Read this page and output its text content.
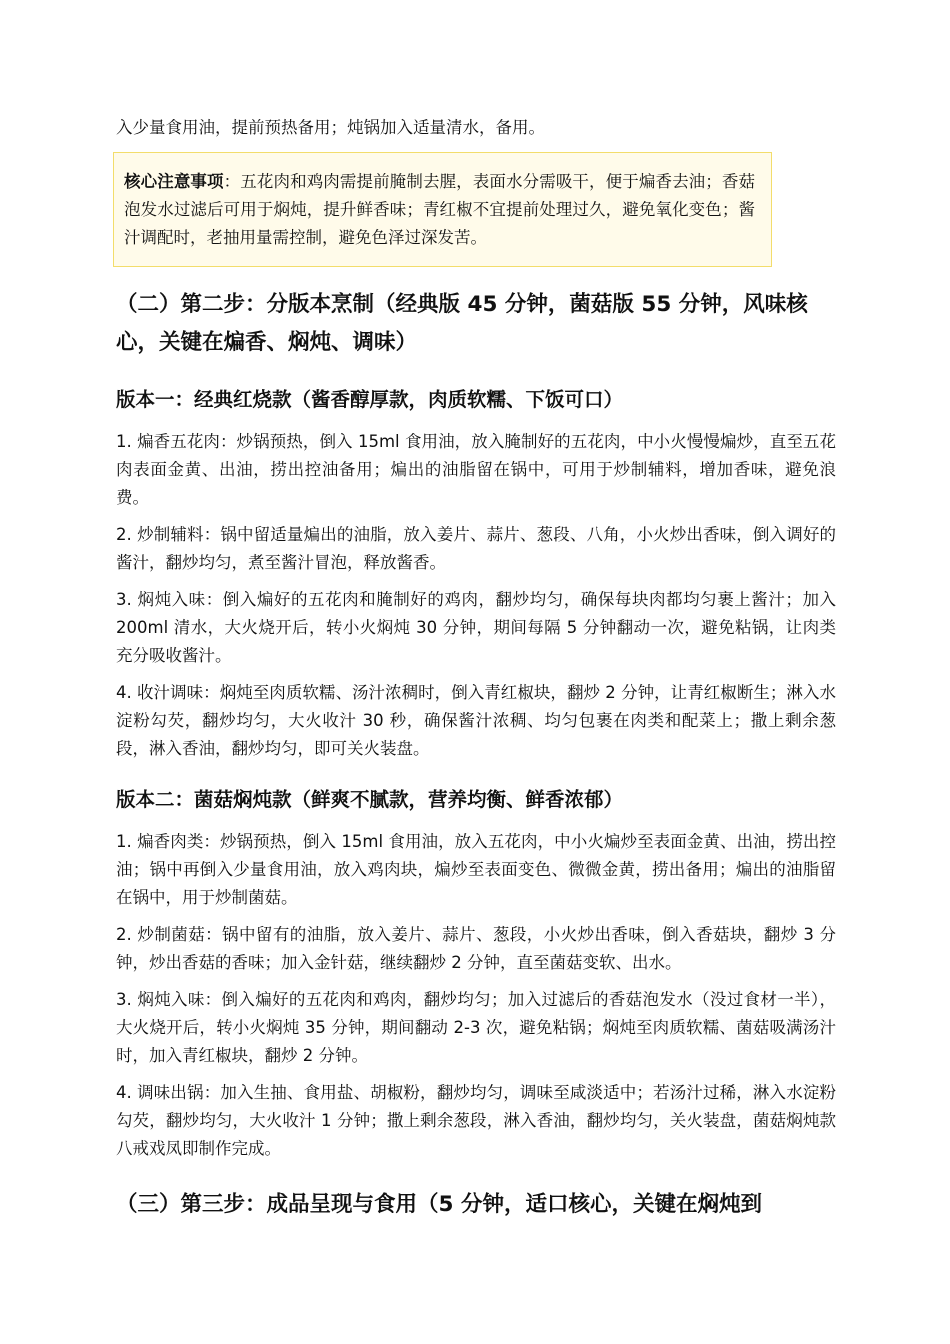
入少量食用油，提前预热备用；炖锅加入适量清水，备用。

核心注意事项：五花肉和鸡肉需提前腌制去腥，表面水分需吸干，便于煸香去油；香菇泡发水过滤后可用于焖炖，提升鲜香味；青红椒不宜提前处理过久，避免氧化变色；酱汁调配时，老抽用量需控制，避免色泽过深发苦。
（二）第二步：分版本烹制（经典版 45 分钟，菌菇版 55 分钟，风味核心，关键在煸香、焖炖、调味）
版本一：经典红烧款（酱香醇厚款，肉质软糯、下饭可口）

1. 煸香五花肉：炒锅预热，倒入 15ml 食用油，放入腌制好的五花肉，中小火慢慢煸炒，直至五花肉表面金黄、出油，捞出控油备用；煸出的油脂留在锅中，可用于炒制辅料，增加香味，避免浪费。

2. 炒制辅料：锅中留适量煸出的油脂，放入姜片、蒜片、葱段、八角，小火炒出香味，倒入调好的酱汁，翻炒均匀，煮至酱汁冒泡，释放酱香。

3. 焖炖入味：倒入煸好的五花肉和腌制好的鸡肉，翻炒均匀，确保每块肉都均匀裹上酱汁；加入 200ml 清水，大火烧开后，转小火焖炖 30 分钟，期间每隔 5 分钟翻动一次，避免粘锅，让肉类充分吸收酱汁。

4. 收汁调味：焖炖至肉质软糯、汤汁浓稠时，倒入青红椒块，翻炒 2 分钟，让青红椒断生；淋入水淀粉勾芡，翻炒均匀，大火收汁 30 秒，确保酱汁浓稠、均匀包裹在肉类和配菜上；撒上剩余葱段，淋入香油，翻炒均匀，即可关火装盘。

版本二：菌菇焖炖款（鲜爽不腻款，营养均衡、鲜香浓郁）

1. 煸香肉类：炒锅预热，倒入 15ml 食用油，放入五花肉，中小火煸炒至表面金黄、出油，捞出控油；锅中再倒入少量食用油，放入鸡肉块，煸炒至表面变色、微微金黄，捞出备用；煸出的油脂留在锅中，用于炒制菌菇。

2. 炒制菌菇：锅中留有的油脂，放入姜片、蒜片、葱段，小火炒出香味，倒入香菇块，翻炒 3 分钟，炒出香菇的香味；加入金针菇，继续翻炒 2 分钟，直至菌菇变软、出水。

3. 焖炖入味：倒入煸好的五花肉和鸡肉，翻炒均匀；加入过滤后的香菇泡发水（没过食材一半），大火烧开后，转小火焖炖 35 分钟，期间翻动 2-3 次，避免粘锅；焖炖至肉质软糯、菌菇吸满汤汁时，加入青红椒块，翻炒 2 分钟。

4. 调味出锅：加入生抽、食用盐、胡椒粉，翻炒均匀，调味至咸淡适中；若汤汁过稀，淋入水淀粉勾芡，翻炒均匀，大火收汁 1 分钟；撒上剩余葱段，淋入香油，翻炒均匀，关火装盘，菌菇焖炖款八戒戏凤即制作完成。

（三）第三步：成品呈现与食用（5 分钟，适口核心，关键在焖炖到
